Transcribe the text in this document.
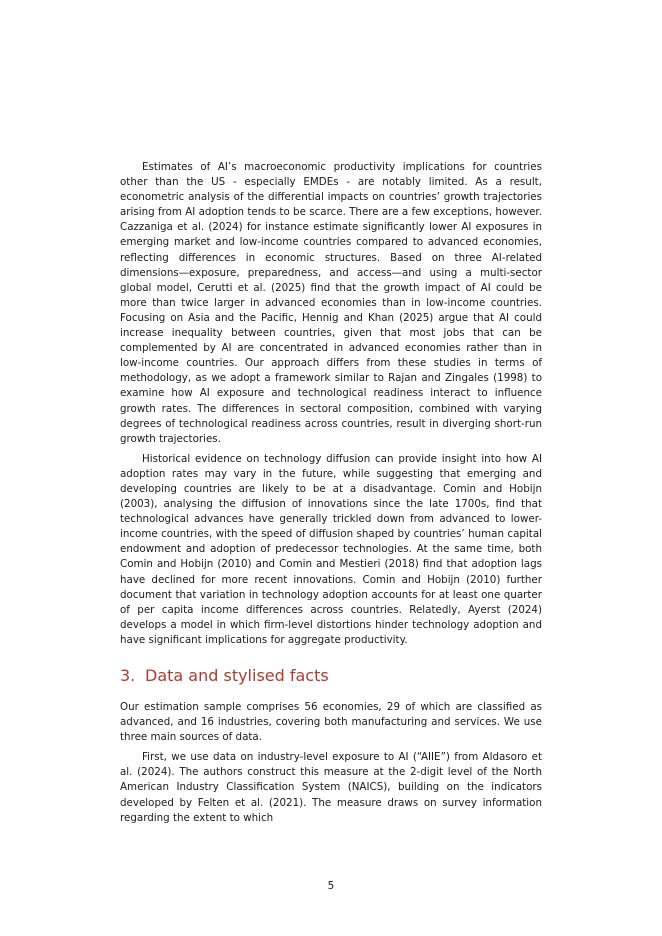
Estimates of AI’s macroeconomic productivity implications for countries other than the US - especially EMDEs - are notably limited. As a result, econometric analysis of the differential impacts on countries’ growth trajectories arising from AI adoption tends to be scarce. There are a few exceptions, however. Cazzaniga et al. (2024) for instance estimate significantly lower AI exposures in emerging market and low-income countries compared to advanced economies, reflecting differences in economic structures. Based on three AI-related dimensions—exposure, preparedness, and access—and using a multi-sector global model, Cerutti et al. (2025) find that the growth impact of AI could be more than twice larger in advanced economies than in low-income countries. Focusing on Asia and the Pacific, Hennig and Khan (2025) argue that AI could increase inequality between countries, given that most jobs that can be complemented by AI are concentrated in advanced economies rather than in low-income countries. Our approach differs from these studies in terms of methodology, as we adopt a framework similar to Rajan and Zingales (1998) to examine how AI exposure and technological readiness interact to influence growth rates. The differences in sectoral composition, combined with varying degrees of technological readiness across countries, result in diverging short-run growth trajectories.

Historical evidence on technology diffusion can provide insight into how AI adoption rates may vary in the future, while suggesting that emerging and developing countries are likely to be at a disadvantage. Comin and Hobijn (2003), analysing the diffusion of innovations since the late 1700s, find that technological advances have generally trickled down from advanced to lower-income countries, with the speed of diffusion shaped by countries’ human capital endowment and adoption of predecessor technologies. At the same time, both Comin and Hobijn (2010) and Comin and Mestieri (2018) find that adoption lags have declined for more recent innovations. Comin and Hobijn (2010) further document that variation in technology adoption accounts for at least one quarter of per capita income differences across countries. Relatedly, Ayerst (2024) develops a model in which firm-level distortions hinder technology adoption and have significant implications for aggregate productivity.

3. Data and stylised facts

Our estimation sample comprises 56 economies, 29 of which are classified as advanced, and 16 industries, covering both manufacturing and services. We use three main sources of data.

First, we use data on industry-level exposure to AI (“AIIE”) from Aldasoro et al. (2024). The authors construct this measure at the 2-digit level of the North American Industry Classification System (NAICS), building on the indicators developed by Felten et al. (2021). The measure draws on survey information regarding the extent to which

5
